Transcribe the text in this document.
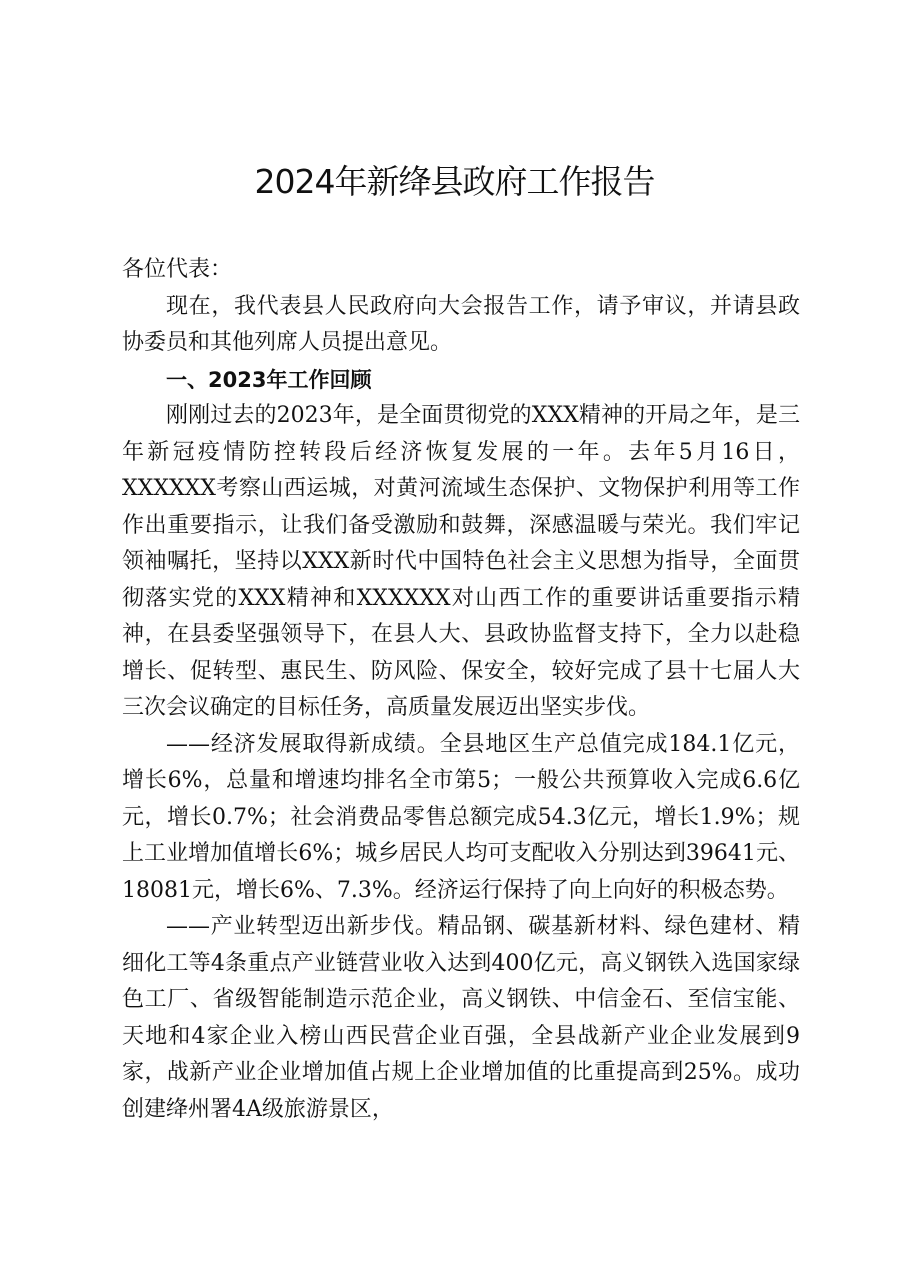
2024年新绛县政府工作报告

各位代表：

现在，我代表县人民政府向大会报告工作，请予审议，并请县政协委员和其他列席人员提出意见。

一、2023年工作回顾

刚刚过去的2023年，是全面贯彻党的XXX精神的开局之年，是三年新冠疫情防控转段后经济恢复发展的一年。去年5月16日，XXXXXX考察山西运城，对黄河流域生态保护、文物保护利用等工作作出重要指示，让我们备受激励和鼓舞，深感温暖与荣光。我们牢记领袖嘱托，坚持以XXX新时代中国特色社会主义思想为指导，全面贯彻落实党的XXX精神和XXXXXX对山西工作的重要讲话重要指示精神，在县委坚强领导下，在县人大、县政协监督支持下，全力以赴稳增长、促转型、惠民生、防风险、保安全，较好完成了县十七届人大三次会议确定的目标任务，高质量发展迈出坚实步伐。

——经济发展取得新成绩。全县地区生产总值完成184.1亿元，增长6%，总量和增速均排名全市第5；一般公共预算收入完成6.6亿元，增长0.7%；社会消费品零售总额完成54.3亿元，增长1.9%；规上工业增加值增长6%；城乡居民人均可支配收入分别达到39641元、18081元，增长6%、7.3%。经济运行保持了向上向好的积极态势。

——产业转型迈出新步伐。精品钢、碳基新材料、绿色建材、精细化工等4条重点产业链营业收入达到400亿元，高义钢铁入选国家绿色工厂、省级智能制造示范企业，高义钢铁、中信金石、至信宝能、天地和4家企业入榜山西民营企业百强，全县战新产业企业发展到9家，战新产业企业增加值占规上企业增加值的比重提高到25%。成功创建绛州署4A级旅游景区，
